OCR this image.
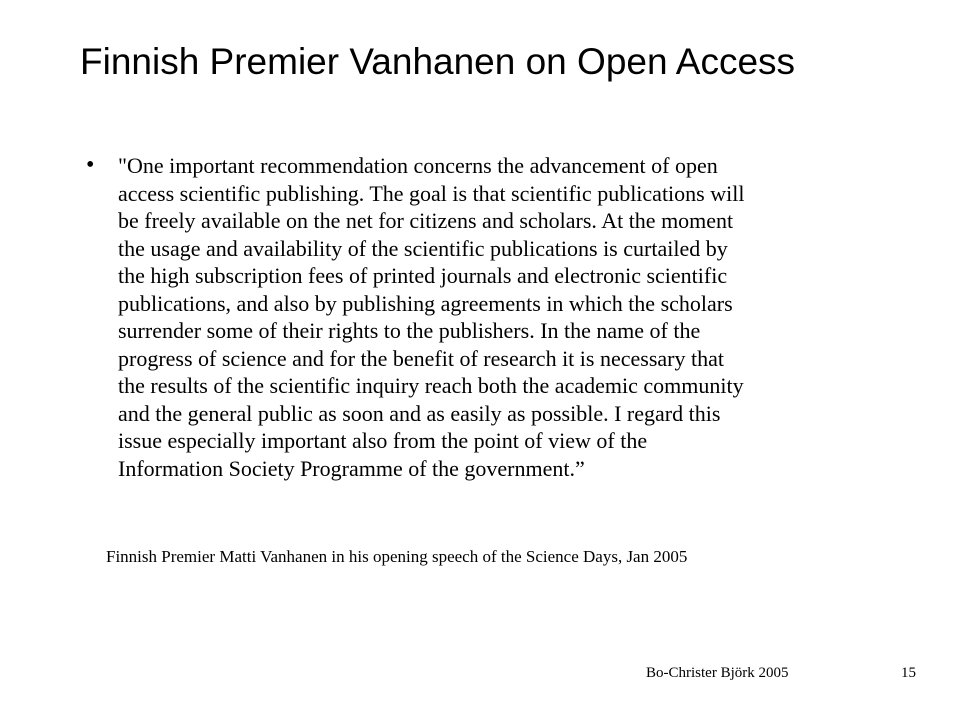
Finnish Premier Vanhanen on Open Access
• "One important recommendation concerns the advancement of open
access scientific publishing. The goal is that scientific publications will
be freely available on the net for citizens and scholars. At the moment
the usage and availability of the scientific publications is curtailed by
the high subscription fees of printed journals and electronic scientific
publications, and also by publishing agreements in which the scholars
surrender some of their rights to the publishers. In the name of the
progress of science and for the benefit of research it is necessary that
the results of the scientific inquiry reach both the academic community
and the general public as soon and as easily as possible. I regard this
issue especially important also from the point of view of the
Information Society Programme of the government.”
Finnish Premier Matti Vanhanen in his opening speech of the Science Days, Jan 2005
Bo-Christer Björk 2005	15
